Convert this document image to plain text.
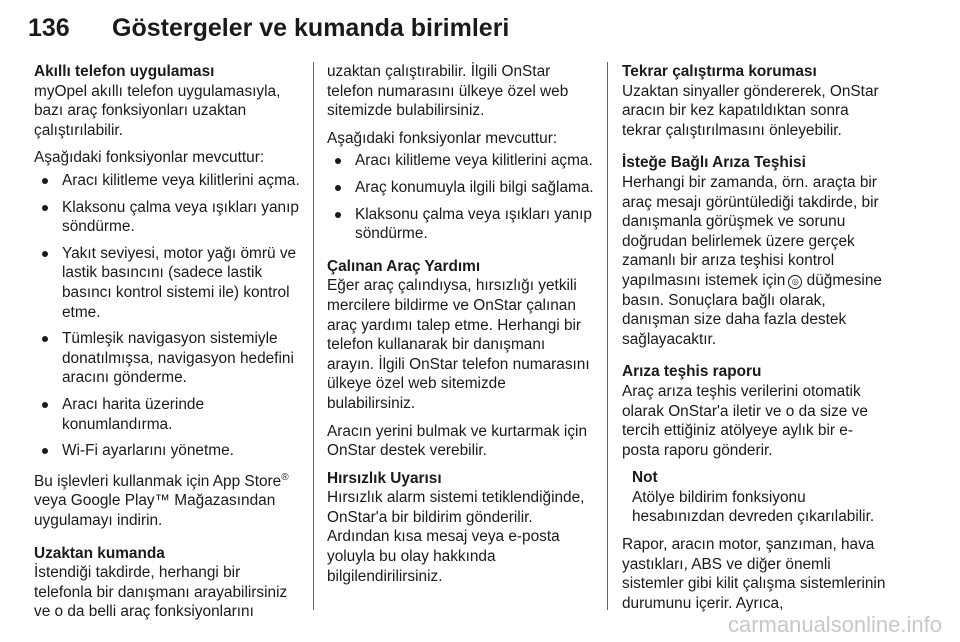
136	Göstergeler ve kumanda birimleri

Akıllı telefon uygulaması

myOpel akıllı telefon uygulamasıyla, bazı araç fonksiyonları uzaktan çalıştırılabilir.

Aşağıdaki fonksiyonlar mevcuttur:

Aracı kilitleme veya kilitlerini açma.
Klaksonu çalma veya ışıkları yanıp söndürme.
Yakıt seviyesi, motor yağı ömrü ve lastik basıncını (sadece lastik basıncı kontrol sistemi ile) kontrol etme.
Tümleşik navigasyon sistemiyle donatılmışsa, navigasyon hedefini aracını gönderme.
Aracı harita üzerinde konumlandırma.
Wi-Fi ayarlarını yönetme.

Bu işlevleri kullanmak için App Store® veya Google Play™ Mağazasından uygulamayı indirin.

Uzaktan kumanda

İstendiği takdirde, herhangi bir telefonla bir danışmanı arayabilirsiniz ve o da belli araç fonksiyonlarını

uzaktan çalıştırabilir. İlgili OnStar telefon numarasını ülkeye özel web sitemizde bulabilirsiniz.

Aşağıdaki fonksiyonlar mevcuttur:

Aracı kilitleme veya kilitlerini açma.
Araç konumuyla ilgili bilgi sağlama.
Klaksonu çalma veya ışıkları yanıp söndürme.

Çalınan Araç Yardımı

Eğer araç çalındıysa, hırsızlığı yetkili mercilere bildirme ve OnStar çalınan araç yardımı talep etme. Herhangi bir telefon kullanarak bir danışmanı arayın. İlgili OnStar telefon numarasını ülkeye özel web sitemizde bulabilirsiniz.

Aracın yerini bulmak ve kurtarmak için OnStar destek verebilir.

Hırsızlık Uyarısı

Hırsızlık alarm sistemi tetiklendiğinde, OnStar'a bir bildirim gönderilir. Ardından kısa mesaj veya e-posta yoluyla bu olay hakkında bilgilendirilirsiniz.

Tekrar çalıştırma koruması

Uzaktan sinyaller göndererek, OnStar aracın bir kez kapatıldıktan sonra tekrar çalıştırılmasını önleyebilir.

İsteğe Bağlı Arıza Teşhisi

Herhangi bir zamanda, örn. araçta bir araç mesajı görüntülediği takdirde, bir danışmanla görüşmek ve sorunu doğrudan belirlemek üzere gerçek zamanlı bir arıza teşhisi kontrol yapılmasını istemek için ◎ düğmesine basın. Sonuçlara bağlı olarak, danışman size daha fazla destek sağlayacaktır.

Arıza teşhis raporu

Araç arıza teşhis verilerini otomatik olarak OnStar'a iletir ve o da size ve tercih ettiğiniz atölyeye aylık bir e-posta raporu gönderir.

Not

Atölye bildirim fonksiyonu hesabınızdan devreden çıkarılabilir.

Rapor, aracın motor, şanzıman, hava yastıkları, ABS ve diğer önemli sistemler gibi kilit çalışma sistemlerinin durumunu içerir. Ayrıca,

carmanualsonline.info
